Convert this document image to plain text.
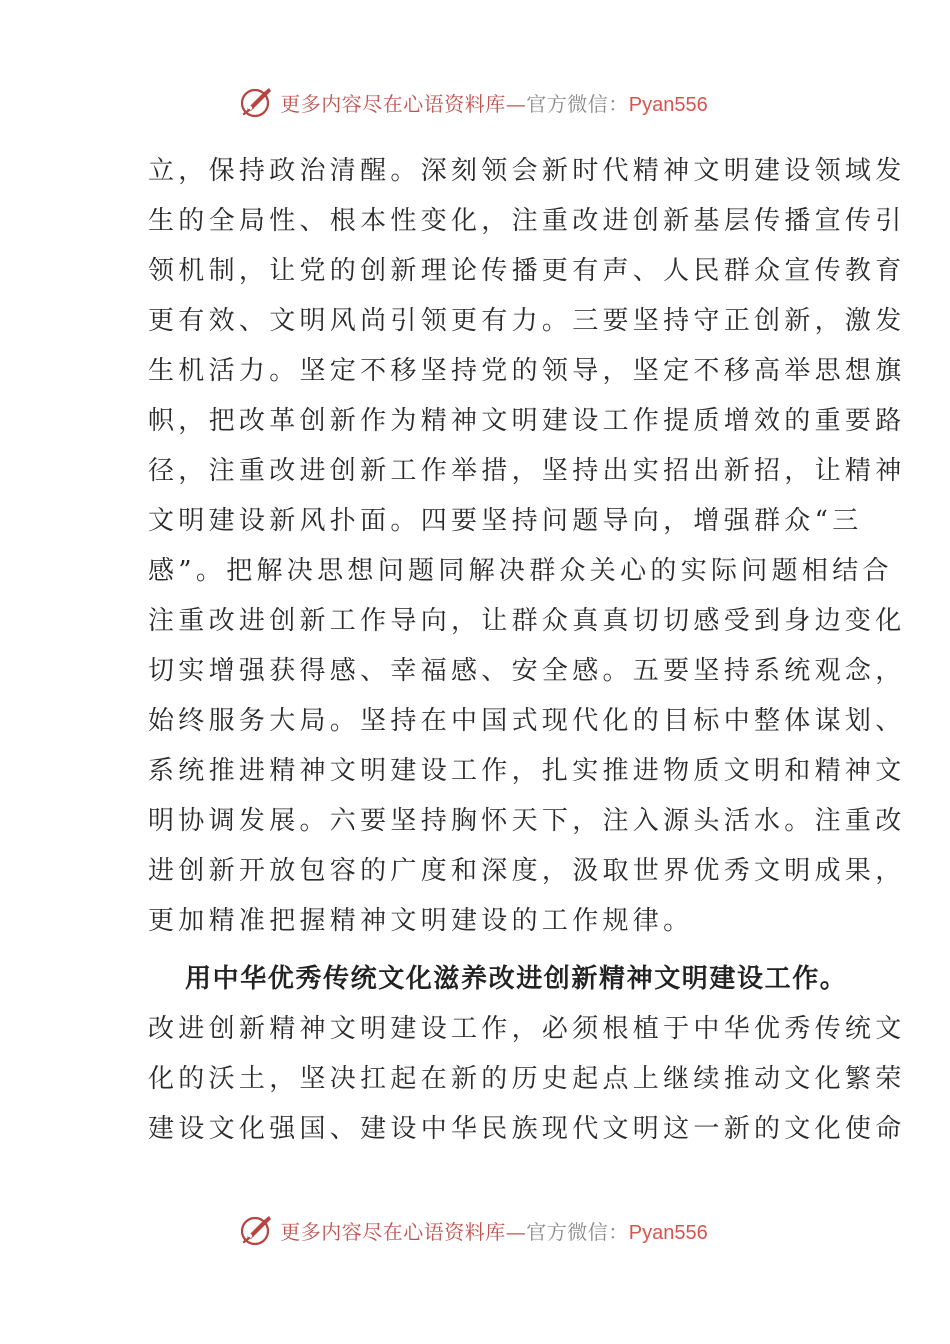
更多内容尽在心语资料库—官方微信：Pyan556
立，保持政治清醒。深刻领会新时代精神文明建设领域发
生的全局性、根本性变化，注重改进创新基层传播宣传引
领机制，让党的创新理论传播更有声、人民群众宣传教育
更有效、文明风尚引领更有力。三要坚持守正创新，激发
生机活力。坚定不移坚持党的领导，坚定不移高举思想旗
帜，把改革创新作为精神文明建设工作提质增效的重要路
径，注重改进创新工作举措，坚持出实招出新招，让精神
文明建设新风扑面。四要坚持问题导向，增强群众“三
感”。把解决思想问题同解决群众关心的实际问题相结合
注重改进创新工作导向，让群众真真切切感受到身边变化
切实增强获得感、幸福感、安全感。五要坚持系统观念，
始终服务大局。坚持在中国式现代化的目标中整体谋划、
系统推进精神文明建设工作，扎实推进物质文明和精神文
明协调发展。六要坚持胸怀天下，注入源头活水。注重改
进创新开放包容的广度和深度，汲取世界优秀文明成果，
更加精准把握精神文明建设的工作规律。
用中华优秀传统文化滋养改进创新精神文明建设工作。
改进创新精神文明建设工作，必须根植于中华优秀传统文
化的沃土，坚决扛起在新的历史起点上继续推动文化繁荣
建设文化强国、建设中华民族现代文明这一新的文化使命
更多内容尽在心语资料库—官方微信：Pyan556
